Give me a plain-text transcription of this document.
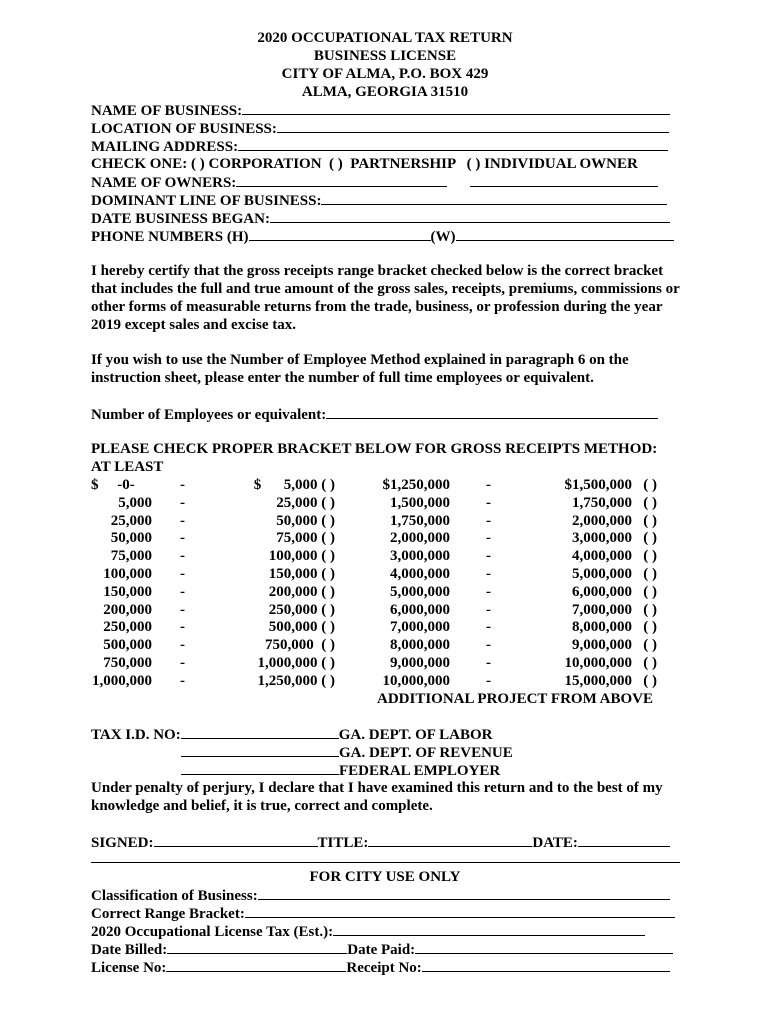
2020 OCCUPATIONAL TAX RETURN
BUSINESS LICENSE
CITY OF ALMA, P.O. BOX 429
ALMA, GEORGIA 31510
NAME OF BUSINESS:
LOCATION OF BUSINESS:
MAILING ADDRESS:
CHECK ONE: ( ) CORPORATION  ( )  PARTNERSHIP   ( ) INDIVIDUAL OWNER
NAME OF OWNERS:
DOMINANT LINE OF BUSINESS:
DATE BUSINESS BEGAN:
PHONE NUMBERS (H)	(W)
I hereby certify that the gross receipts range bracket checked below is the correct bracket that includes the full and true amount of the gross sales, receipts, premiums, commissions or other forms of measurable returns from the trade, business, or profession during the year 2019 except sales and excise tax.
If you wish to use the Number of Employee Method explained in paragraph 6 on the instruction sheet, please enter the number of full time employees or equivalent.
Number of Employees or equivalent:
PLEASE CHECK PROPER BRACKET BELOW FOR GROSS RECEIPTS METHOD:
AT LEAST
$     -0-	-	$      5,000 ( )
5,000 -	25,000 ( )
25,000 -	50,000 ( )
50,000 -	75,000 ( )
75,000 -	100,000 ( )
100,000 -	150,000 ( )
150,000 -	200,000 ( )
200,000 -	250,000 ( )
250,000 -	500,000 ( )
500,000 -	750,000  ( )
750,000 -	1,000,000 ( )
1,000,000 -	1,250,000 ( )
$1,250,000 -	$1,500,000   ( )
1,500,000 -	1,750,000   ( )
1,750,000 -	2,000,000   ( )
2,000,000 -	3,000,000   ( )
3,000,000 -	4,000,000   ( )
4,000,000 -	5,000,000   ( )
5,000,000 -	6,000,000   ( )
6,000,000 -	7,000,000   ( )
7,000,000 -	8,000,000   ( )
8,000,000 -	9,000,000   ( )
9,000,000 -	10,000,000   ( )
10,000,000 -	15,000,000   ( )
ADDITIONAL PROJECT FROM ABOVE
TAX I.D. NO:	GA. DEPT. OF LABOR
GA. DEPT. OF REVENUE
FEDERAL EMPLOYER
Under penalty of perjury, I declare that I have examined this return and to the best of my knowledge and belief, it is true, correct and complete.
SIGNED:	TITLE:	DATE:
FOR CITY USE ONLY
Classification of Business:
Correct Range Bracket:
2020 Occupational License Tax (Est.):
Date Billed:	Date Paid:
License No:	Receipt No:
